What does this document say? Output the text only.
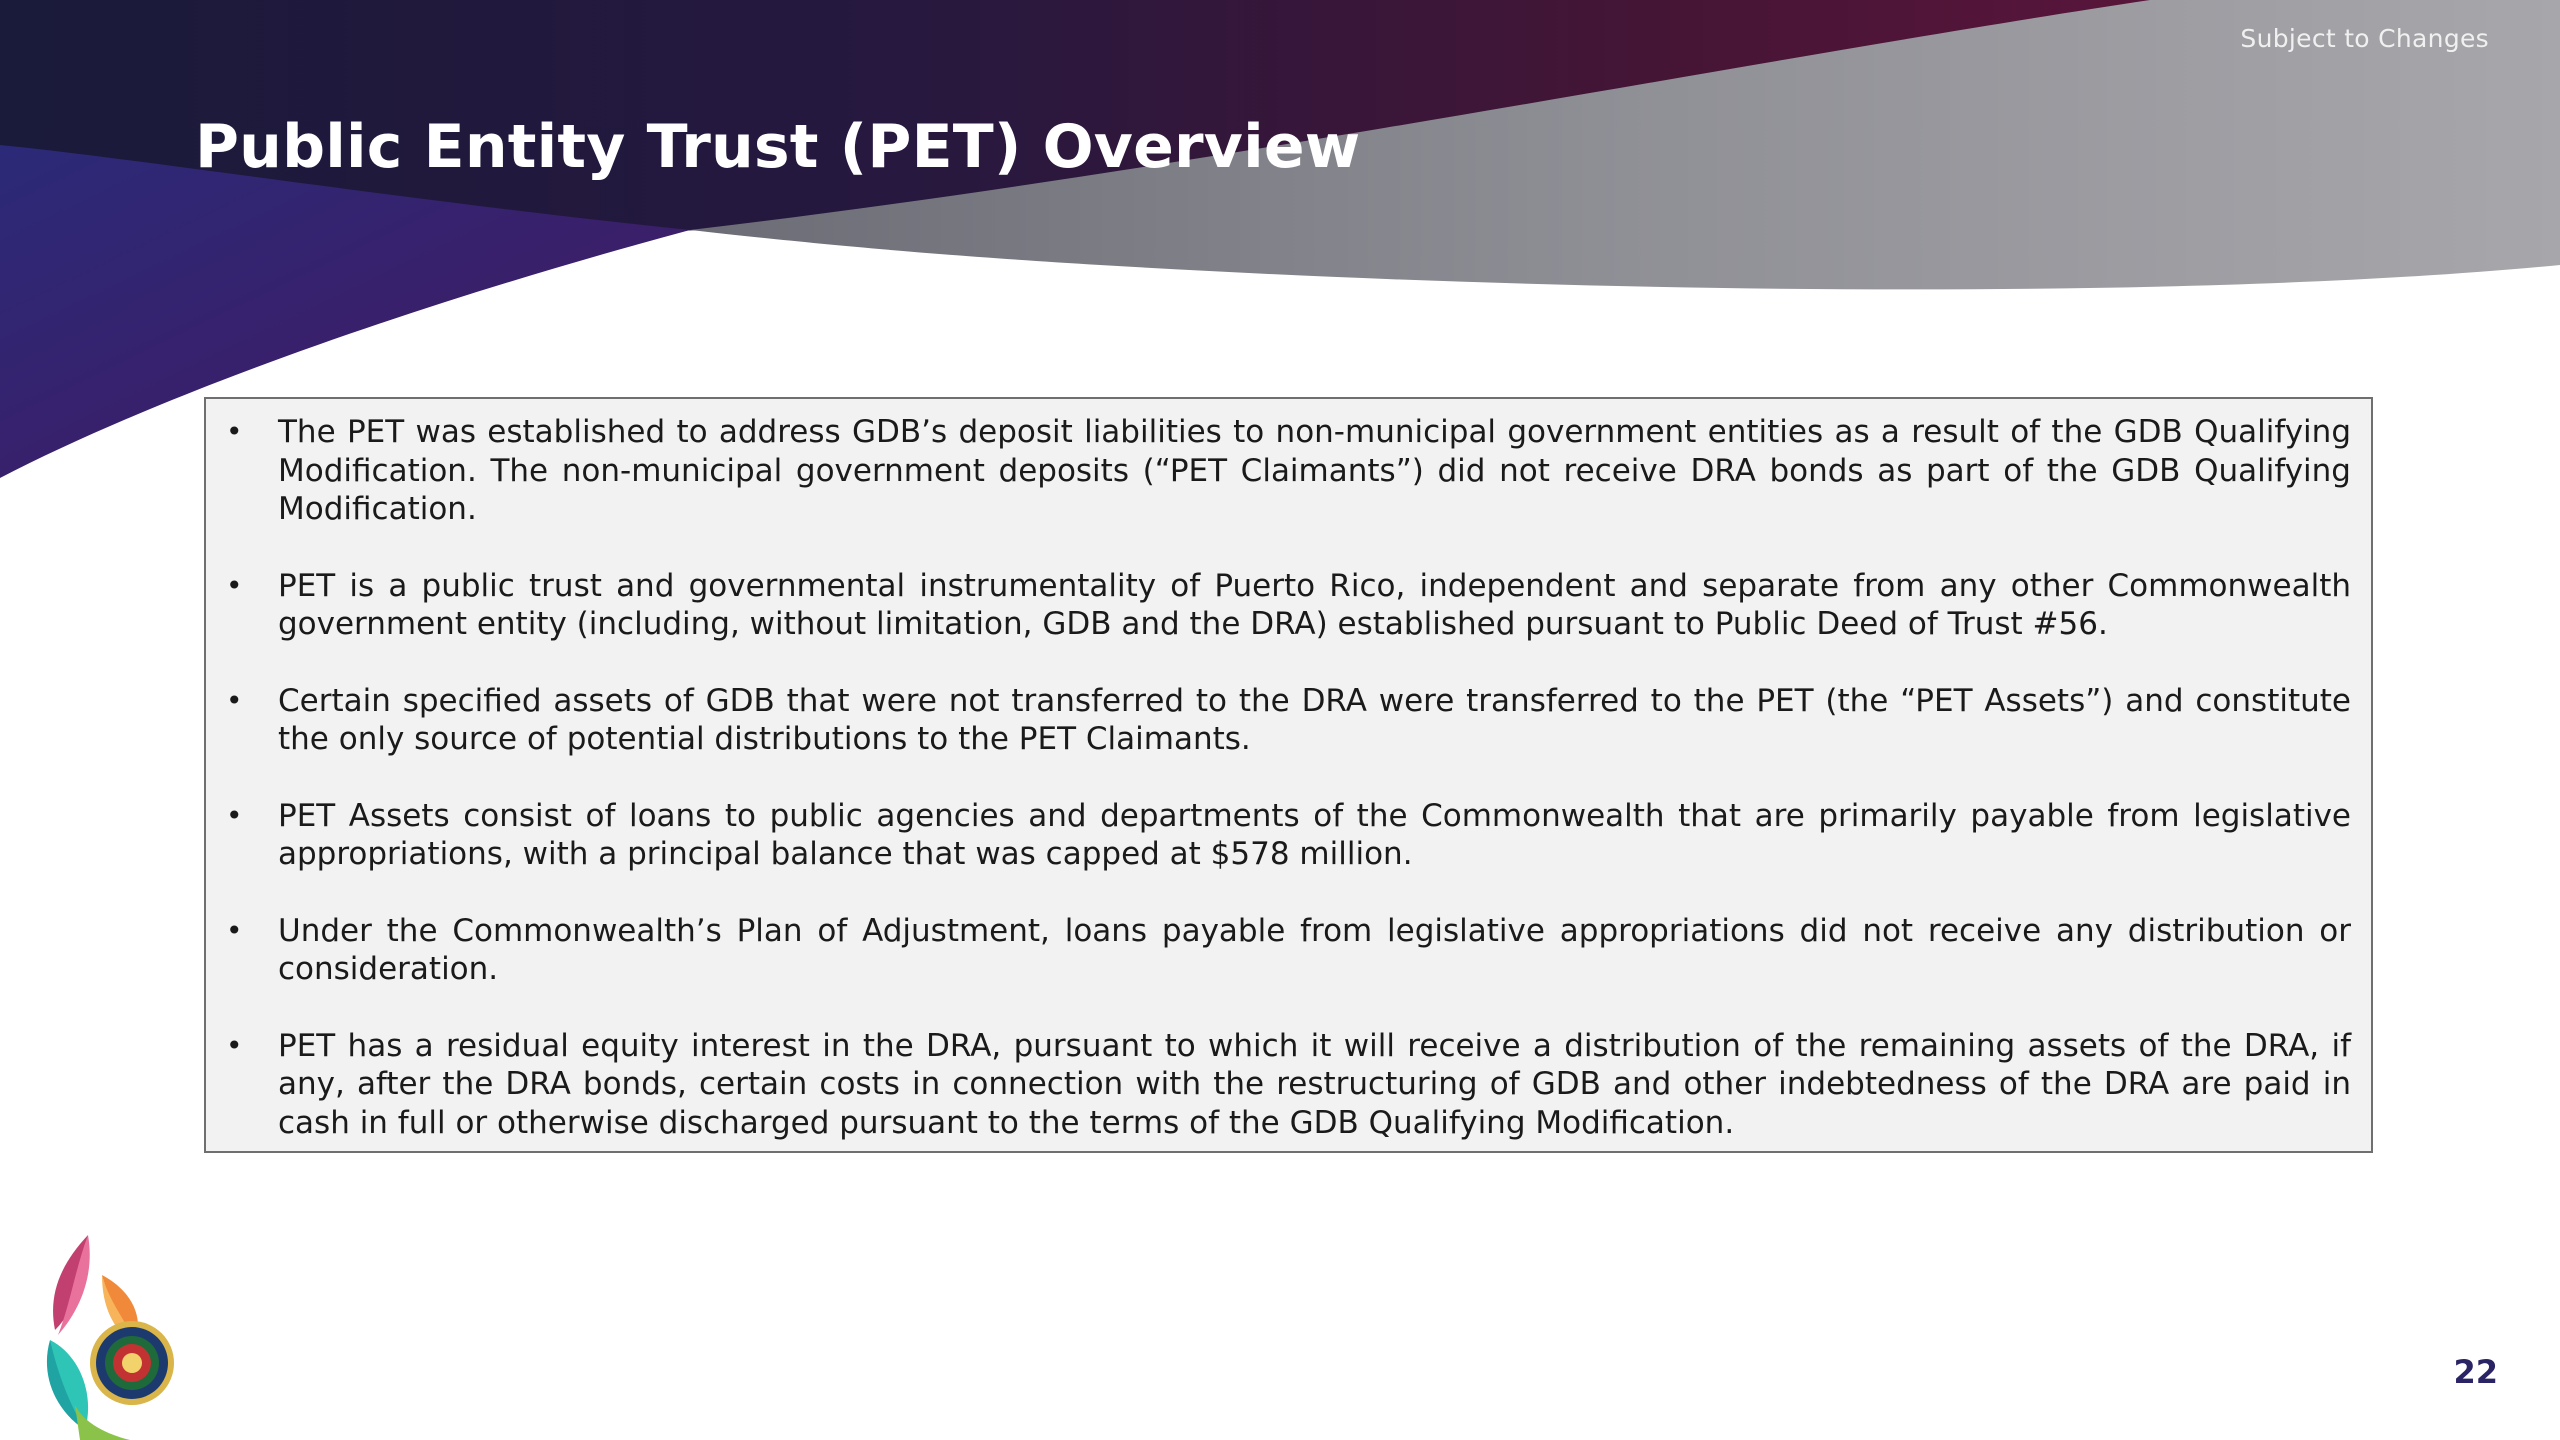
Subject to Changes
Public Entity Trust (PET) Overview
• The PET was established to address GDB’s deposit liabilities to non-municipal government entities as a result of the GDB Qualifying Modification. The non-municipal government deposits (“PET Claimants”) did not receive DRA bonds as part of the GDB Qualifying Modification.
• PET is a public trust and governmental instrumentality of Puerto Rico, independent and separate from any other Commonwealth government entity (including, without limitation, GDB and the DRA) established pursuant to Public Deed of Trust #56.
• Certain specified assets of GDB that were not transferred to the DRA were transferred to the PET (the “PET Assets”) and constitute the only source of potential distributions to the PET Claimants.
• PET Assets consist of loans to public agencies and departments of the Commonwealth that are primarily payable from legislative appropriations, with a principal balance that was capped at $578 million.
• Under the Commonwealth’s Plan of Adjustment, loans payable from legislative appropriations did not receive any distribution or consideration.
• PET has a residual equity interest in the DRA, pursuant to which it will receive a distribution of the remaining assets of the DRA, if any, after the DRA bonds, certain costs in connection with the restructuring of GDB and other indebtedness of the DRA are paid in cash in full or otherwise discharged pursuant to the terms of the GDB Qualifying Modification.
22
